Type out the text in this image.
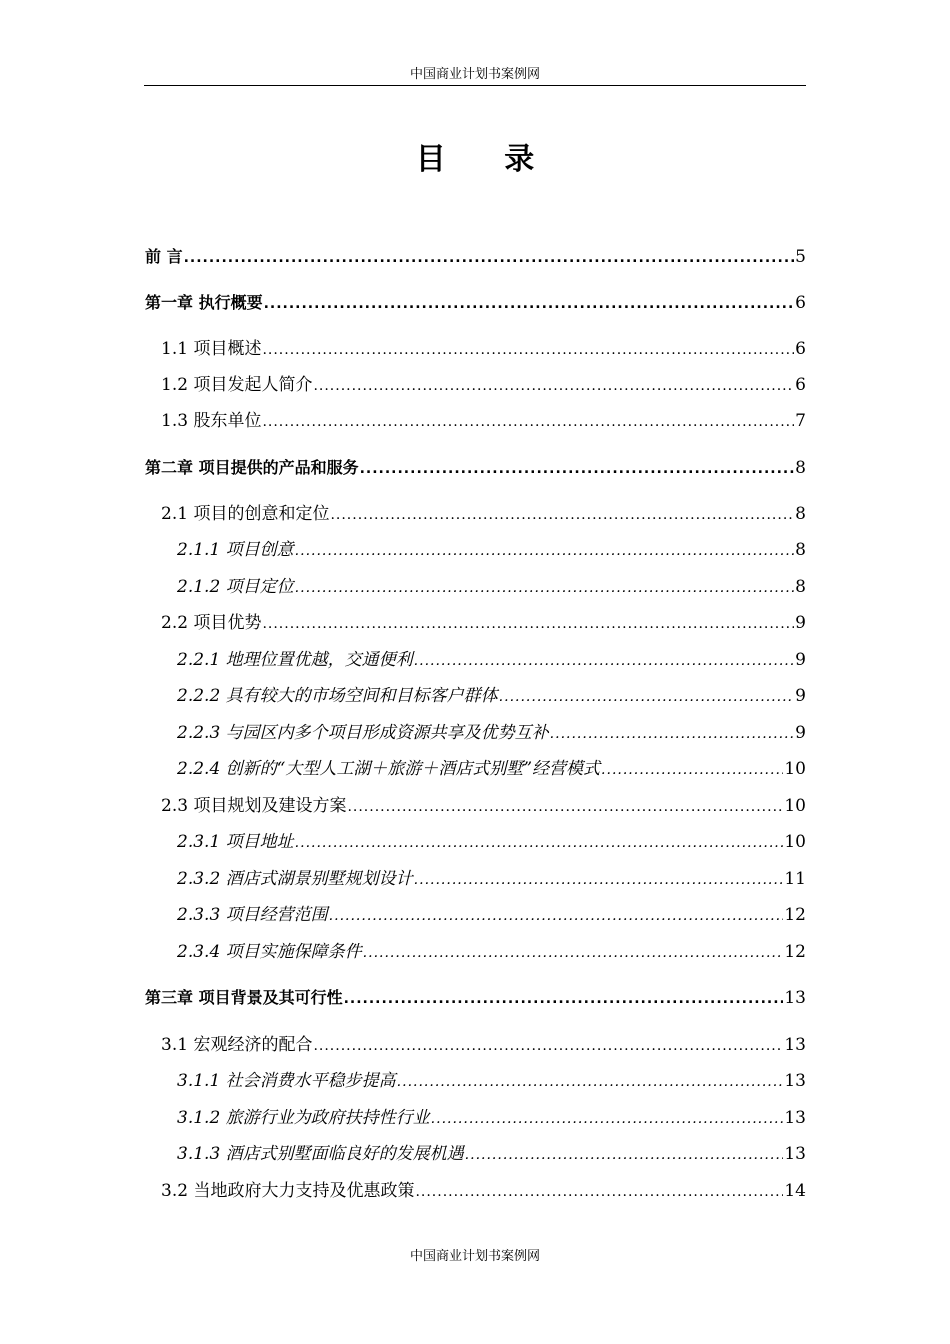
中国商业计划书案例网
目 录
前 言 .....	5
第一章 执行概要 .....	6
1.1 项目概述 .....	6
1.2 项目发起人简介 .....	6
1.3 股东单位 .....	7
第二章 项目提供的产品和服务 .....	8
2.1 项目的创意和定位 .....	8
2.1.1 项目创意 .....	8
2.1.2 项目定位 .....	8
2.2 项目优势 .....	9
2.2.1 地理位置优越，交通便利 .....	9
2.2.2 具有较大的市场空间和目标客户群体 .....	9
2.2.3 与园区内多个项目形成资源共享及优势互补 .....	9
2.2.4 创新的“大型人工湖＋旅游＋酒店式别墅”经营模式 .....	10
2.3 项目规划及建设方案 .....	10
2.3.1 项目地址 .....	10
2.3.2 酒店式湖景别墅规划设计 .....	11
2.3.3 项目经营范围 .....	12
2.3.4 项目实施保障条件 .....	12
第三章 项目背景及其可行性 .....	13
3.1 宏观经济的配合 .....	13
3.1.1 社会消费水平稳步提高 .....	13
3.1.2 旅游行业为政府扶持性行业 .....	13
3.1.3 酒店式别墅面临良好的发展机遇 .....	13
3.2 当地政府大力支持及优惠政策 .....	14
中国商业计划书案例网
